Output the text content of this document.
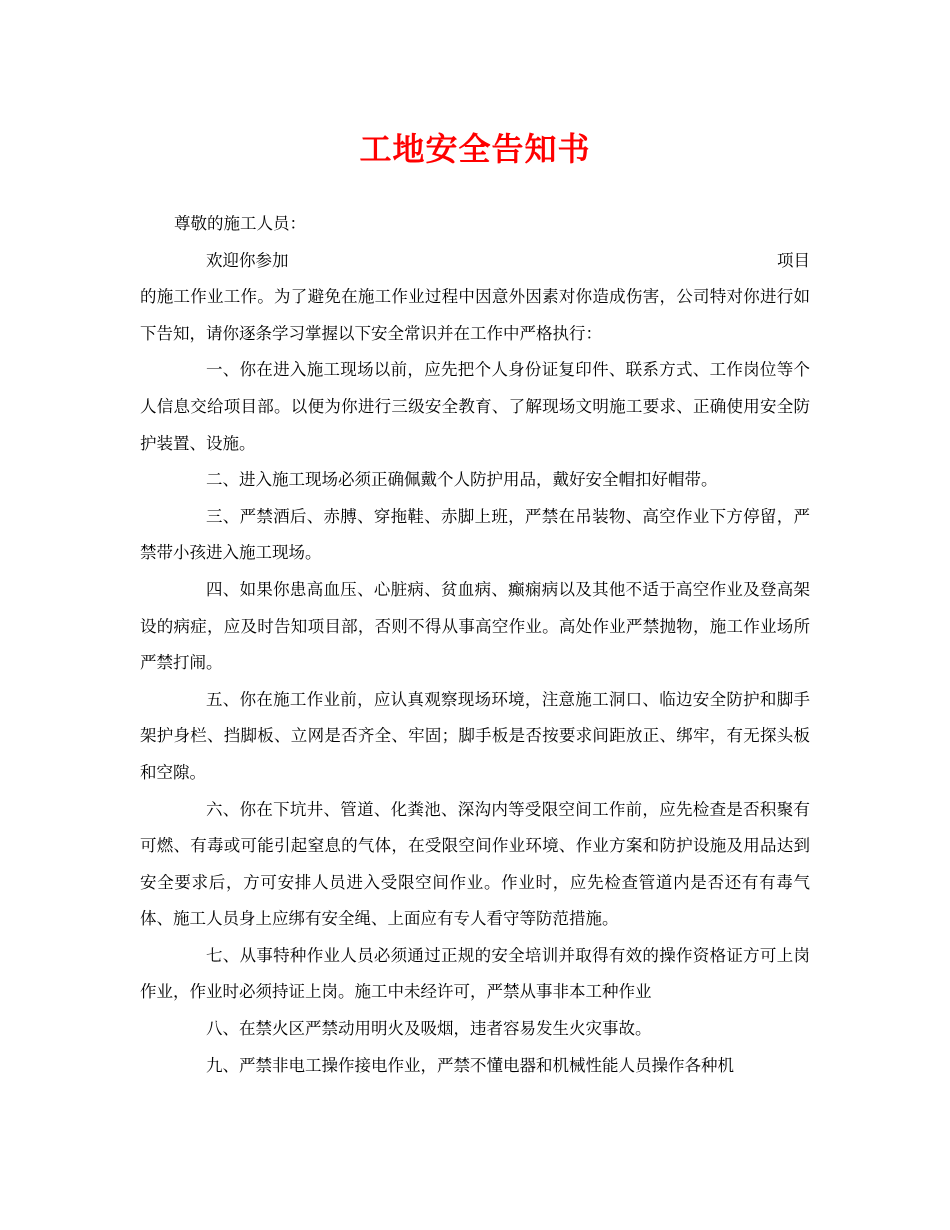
工地安全告知书

尊敬的施工人员：

欢迎你参加	项目

的施工作业工作。为了避免在施工作业过程中因意外因素对你造成伤害，公司特对你进行如下告知，请你逐条学习掌握以下安全常识并在工作中严格执行：

一、你在进入施工现场以前，应先把个人身份证复印件、联系方式、工作岗位等个人信息交给项目部。以便为你进行三级安全教育、了解现场文明施工要求、正确使用安全防护装置、设施。

二、进入施工现场必须正确佩戴个人防护用品，戴好安全帽扣好帽带。

三、严禁酒后、赤膊、穿拖鞋、赤脚上班，严禁在吊装物、高空作业下方停留，严禁带小孩进入施工现场。

四、如果你患高血压、心脏病、贫血病、癫痫病以及其他不适于高空作业及登高架设的病症，应及时告知项目部，否则不得从事高空作业。高处作业严禁抛物，施工作业场所严禁打闹。

五、你在施工作业前，应认真观察现场环境，注意施工洞口、临边安全防护和脚手架护身栏、挡脚板、立网是否齐全、牢固；脚手板是否按要求间距放正、绑牢，有无探头板和空隙。

六、你在下坑井、管道、化粪池、深沟内等受限空间工作前，应先检查是否积聚有可燃、有毒或可能引起窒息的气体，在受限空间作业环境、作业方案和防护设施及用品达到安全要求后，方可安排人员进入受限空间作业。作业时，应先检查管道内是否还有有毒气体、施工人员身上应绑有安全绳、上面应有专人看守等防范措施。

七、从事特种作业人员必须通过正规的安全培训并取得有效的操作资格证方可上岗作业，作业时必须持证上岗。施工中未经许可，严禁从事非本工种作业

八、在禁火区严禁动用明火及吸烟，违者容易发生火灾事故。

九、严禁非电工操作接电作业，严禁不懂电器和机械性能人员操作各种机
